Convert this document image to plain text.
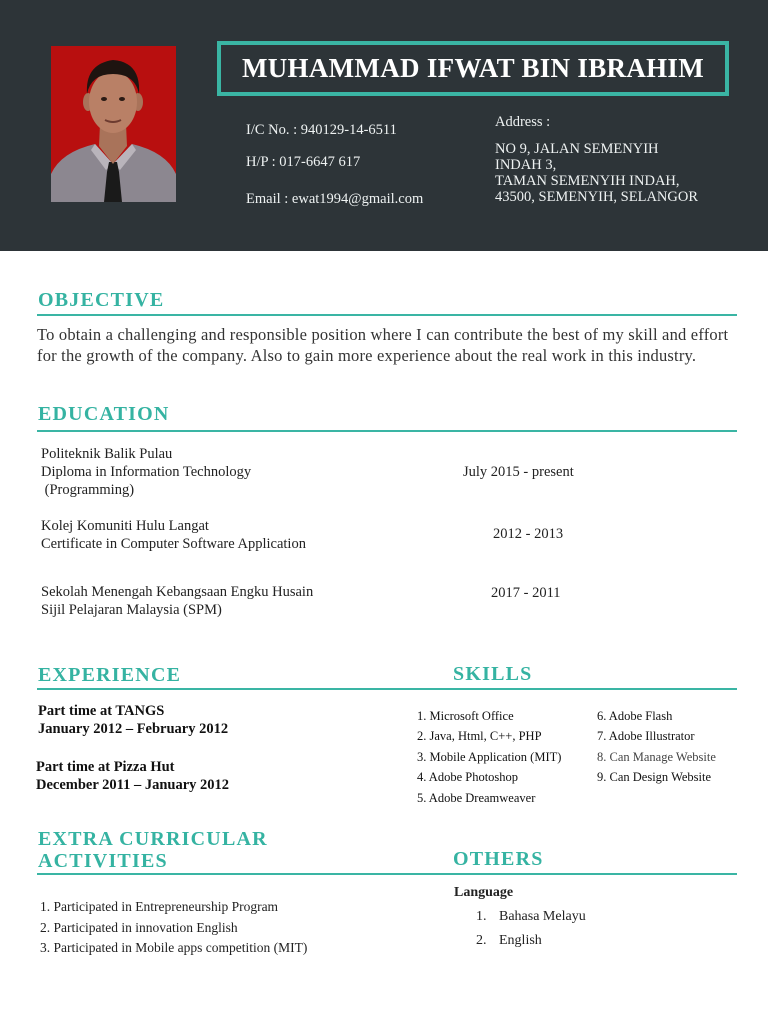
MUHAMMAD IFWAT BIN IBRAHIM
I/C No. : 940129-14-6511
H/P : 017-6647 617
Email : ewat1994@gmail.com
Address :
NO 9, JALAN SEMENYIH
INDAH 3,
TAMAN SEMENYIH INDAH,
43500, SEMENYIH, SELANGOR
OBJECTIVE
To obtain a challenging and responsible position where I can contribute the best of my skill and effort for the growth of the company. Also to gain more experience about the real work in this industry.
EDUCATION
Politeknik Balik Pulau
Diploma in Information Technology
(Programming)
July 2015 - present
Kolej Komuniti Hulu Langat
Certificate in Computer Software Application
2012 - 2013
Sekolah Menengah Kebangsaan Engku Husain
Sijil Pelajaran Malaysia (SPM)
2017 - 2011
EXPERIENCE
Part time at TANGS
January 2012 – February 2012
Part time at Pizza Hut
December 2011 – January 2012
SKILLS
1. Microsoft Office
2. Java, Html, C++, PHP
3. Mobile Application (MIT)
4. Adobe Photoshop
5. Adobe Dreamweaver
6. Adobe Flash
7. Adobe Illustrator
8. Can Manage Website
9. Can Design Website
EXTRA CURRICULAR
ACTIVITIES
1. Participated in Entrepreneurship Program
2. Participated in innovation English
3. Participated in Mobile apps competition (MIT)
OTHERS
Language
1. Bahasa Melayu
2. English
